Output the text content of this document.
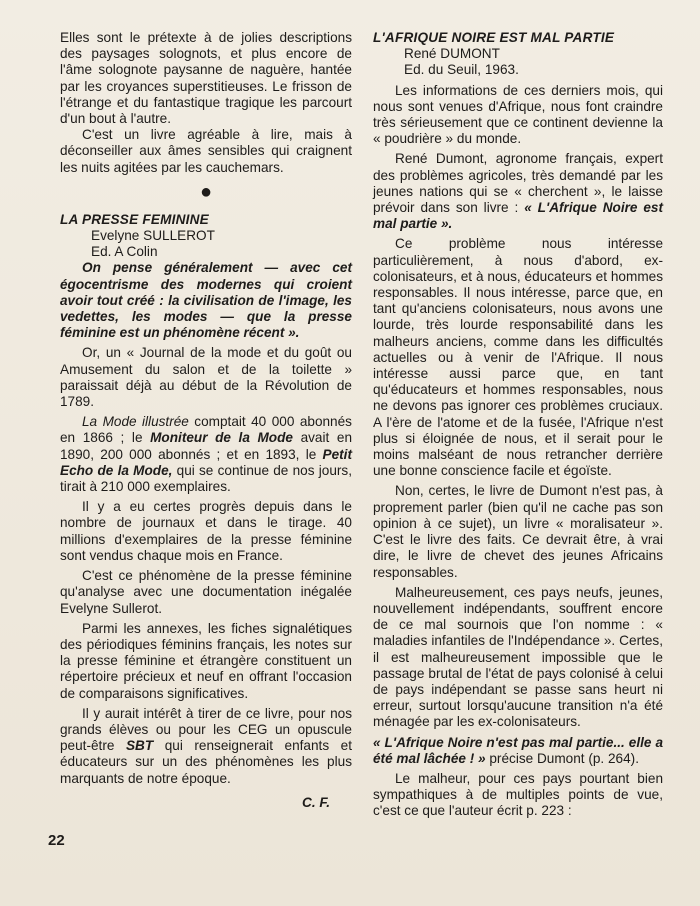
Elles sont le prétexte à de jolies descriptions des paysages solognots, et plus encore de l'âme solognote paysanne de naguère, hantée par les croyances superstitieuses. Le frisson de l'étrange et du fantastique tragique les parcourt d'un bout à l'autre.

C'est un livre agréable à lire, mais à déconseiller aux âmes sensibles qui craignent les nuits agitées par les cauchemars.

●

LA PRESSE FEMININE

Evelyne SULLEROT

Ed. A Colin

On pense généralement — avec cet égocentrisme des modernes qui croient avoir tout créé : la civilisation de l'image, les vedettes, les modes — que la presse féminine est un phénomène récent ».

Or, un « Journal de la mode et du goût ou Amusement du salon et de la toilette » paraissait déjà au début de la Révolution de 1789.

La Mode illustrée comptait 40 000 abonnés en 1866 ; le Moniteur de la Mode avait en 1890, 200 000 abonnés ; et en 1893, le Petit Echo de la Mode, qui se continue de nos jours, tirait à 210 000 exemplaires.

Il y a eu certes progrès depuis dans le nombre de journaux et dans le tirage. 40 millions d'exemplaires de la presse féminine sont vendus chaque mois en France.

C'est ce phénomène de la presse féminine qu'analyse avec une documentation inégalée Evelyne Sullerot.

Parmi les annexes, les fiches signalétiques des périodiques féminins français, les notes sur la presse féminine et étrangère constituent un répertoire précieux et neuf en offrant l'occasion de comparaisons significatives.

Il y aurait intérêt à tirer de ce livre, pour nos grands élèves ou pour les CEG un opuscule peut-être SBT qui renseignerait enfants et éducateurs sur un des phénomènes les plus marquants de notre époque.

C. F.

L'AFRIQUE NOIRE EST MAL PARTIE

René DUMONT

Ed. du Seuil, 1963.

Les informations de ces derniers mois, qui nous sont venues d'Afrique, nous font craindre très sérieusement que ce continent devienne la « poudrière » du monde.

René Dumont, agronome français, expert des problèmes agricoles, très demandé par les jeunes nations qui se « cherchent », le laisse prévoir dans son livre : « L'Afrique Noire est mal partie ».

Ce problème nous intéresse particulièrement, à nous d'abord, ex-colonisateurs, et à nous, éducateurs et hommes responsables. Il nous intéresse, parce que, en tant qu'anciens colonisateurs, nous avons une lourde, très lourde responsabilité dans les malheurs anciens, comme dans les difficultés actuelles ou à venir de l'Afrique. Il nous intéresse aussi parce que, en tant qu'éducateurs et hommes responsables, nous ne devons pas ignorer ces problèmes cruciaux. A l'ère de l'atome et de la fusée, l'Afrique n'est plus si éloignée de nous, et il serait pour le moins malséant de nous retrancher derrière une bonne conscience facile et égoïste.

Non, certes, le livre de Dumont n'est pas, à proprement parler (bien qu'il ne cache pas son opinion à ce sujet), un livre « moralisateur ». C'est le livre des faits. Ce devrait être, à vrai dire, le livre de chevet des jeunes Africains responsables.

Malheureusement, ces pays neufs, jeunes, nouvellement indépendants, souffrent encore de ce mal sournois que l'on nomme : « maladies infantiles de l'Indépendance ». Certes, il est malheureusement impossible que le passage brutal de l'état de pays colonisé à celui de pays indépendant se passe sans heurt ni erreur, surtout lorsqu'aucune transition n'a été ménagée par les ex-colonisateurs.

« L'Afrique Noire n'est pas mal partie... elle a été mal lâchée ! » précise Dumont (p. 264).

Le malheur, pour ces pays pourtant bien sympathiques à de multiples points de vue, c'est ce que l'auteur écrit p. 223 :

22
